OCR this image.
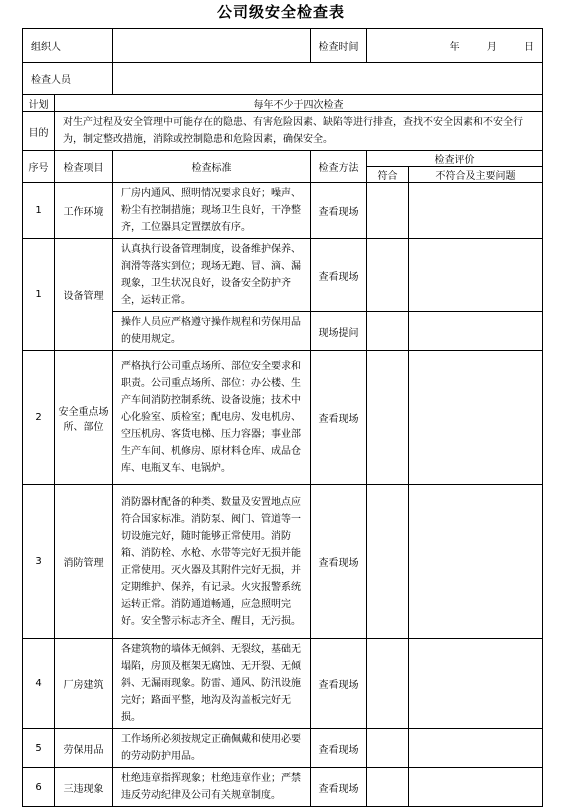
公司级安全检查表
组织人			检查时间	年 月 日	
检查人员					
计划	每年不少于四次检查				
目的	对生产过程及安全管理中可能存在的隐患、有害危险因素、缺陷等进行排查，查找不安全因素和不安全行为，制定整改措施，消除或控制隐患和危险因素，确保安全。				
序号	检查项目	检查标准	检查方法	检查评价	
				符合	不符合及主要问题
1	工作环境	厂房内通风、照明情况要求良好；噪声、粉尘有控制措施；现场卫生良好，干净整齐，工位器具定置摆放有序。	查看现场		
1	设备管理	认真执行设备管理制度，设备维护保养、润滑等落实到位；现场无跑、冒、滴、漏现象，卫生状况良好，设备安全防护齐全，运转正常。	查看现场		
		操作人员应严格遵守操作规程和劳保用品的使用规定。	现场提问		
2	安全重点场所、部位	严格执行公司重点场所、部位安全要求和职责。公司重点场所、部位：办公楼、生产车间消防控制系统、设备设施；技术中心化验室、质检室；配电房、发电机房、空压机房、客货电梯、压力容器；事业部生产车间、机修房、原材料仓库、成品仓库、电瓶叉车、电锅炉。	查看现场		
3	消防管理	消防器材配备的种类、数量及安置地点应符合国家标准。消防泵、阀门、管道等一切设施完好，随时能够正常使用。消防箱、消防栓、水枪、水带等完好无损并能正常使用。灭火器及其附件完好无损，并定期维护、保养，有记录。火灾报警系统运转正常。消防通道畅通，应急照明完好。安全警示标志齐全、醒目，无污损。	查看现场		
4	厂房建筑	各建筑物的墙体无倾斜、无裂纹，基础无塌陷，房顶及框架无腐蚀、无开裂、无倾斜、无漏雨现象。防雷、通风、防汛设施完好；路面平整，地沟及沟盖板完好无损。	查看现场		
5	劳保用品	工作场所必须按规定正确佩戴和使用必要的劳动防护用品。	查看现场		
6	三违现象	杜绝违章指挥现象；杜绝违章作业；严禁违反劳动纪律及公司有关规章制度。	查看现场		
